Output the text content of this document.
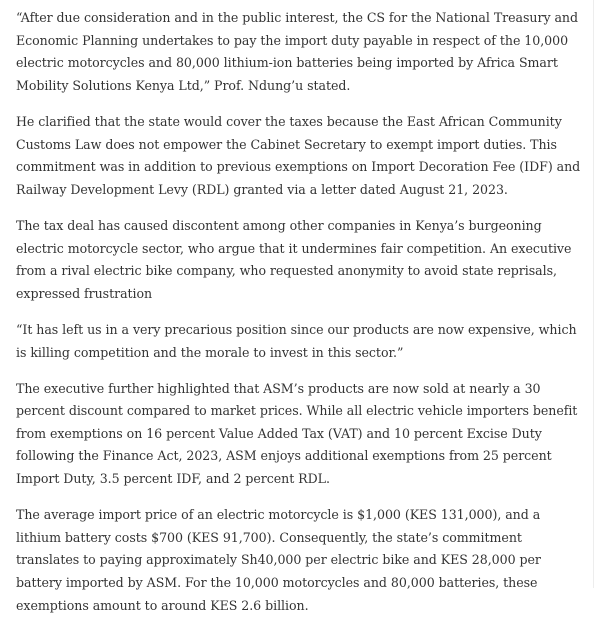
“After due consideration and in the public interest, the CS for the National Treasury and Economic Planning undertakes to pay the import duty payable in respect of the 10,000 electric motorcycles and 80,000 lithium-ion batteries being imported by Africa Smart Mobility Solutions Kenya Ltd,” Prof. Ndung’u stated.

He clarified that the state would cover the taxes because the East African Community Customs Law does not empower the Cabinet Secretary to exempt import duties. This commitment was in addition to previous exemptions on Import Decoration Fee (IDF) and Railway Development Levy (RDL) granted via a letter dated August 21, 2023.

The tax deal has caused discontent among other companies in Kenya’s burgeoning electric motorcycle sector, who argue that it undermines fair competition. An executive from a rival electric bike company, who requested anonymity to avoid state reprisals, expressed frustration

“It has left us in a very precarious position since our products are now expensive, which is killing competition and the morale to invest in this sector.”

The executive further highlighted that ASM’s products are now sold at nearly a 30 percent discount compared to market prices. While all electric vehicle importers benefit from exemptions on 16 percent Value Added Tax (VAT) and 10 percent Excise Duty following the Finance Act, 2023, ASM enjoys additional exemptions from 25 percent Import Duty, 3.5 percent IDF, and 2 percent RDL.

The average import price of an electric motorcycle is $1,000 (KES 131,000), and a lithium battery costs $700 (KES 91,700). Consequently, the state’s commitment translates to paying approximately Sh40,000 per electric bike and KES 28,000 per battery imported by ASM. For the 10,000 motorcycles and 80,000 batteries, these exemptions amount to around KES 2.6 billion.
